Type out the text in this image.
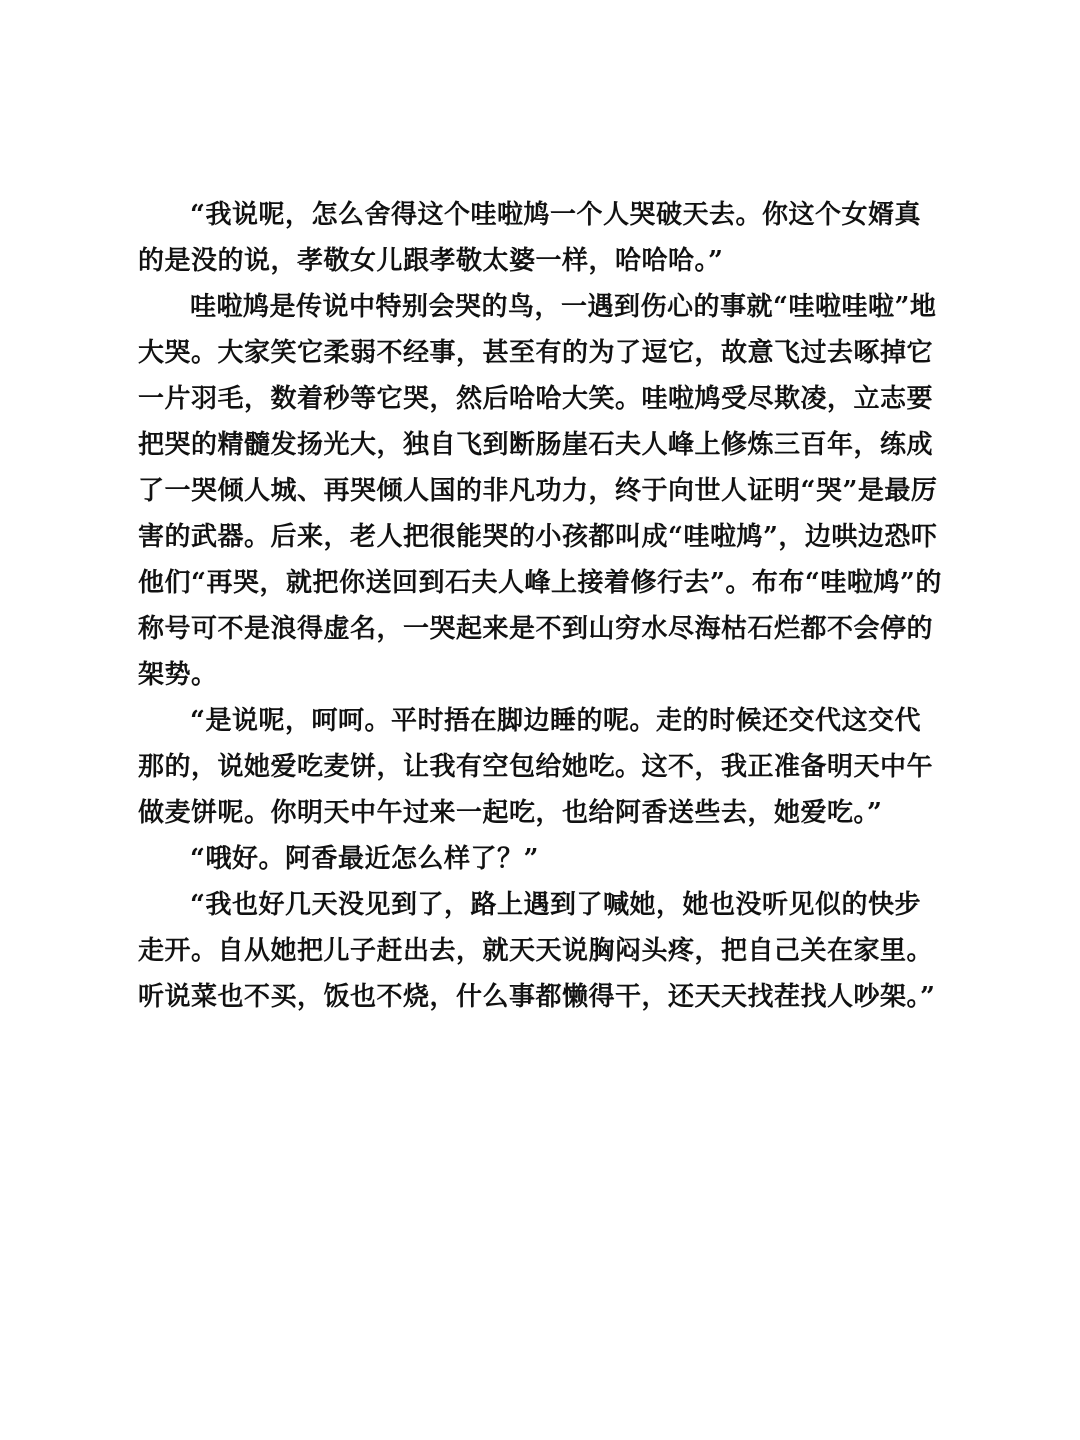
“我说呢，怎么舍得这个哇啦鸠一个人哭破天去。你这个女婿真

的是没的说，孝敬女儿跟孝敬太婆一样，哈哈哈。”

哇啦鸠是传说中特别会哭的鸟，一遇到伤心的事就“哇啦哇啦”地

大哭。大家笑它柔弱不经事，甚至有的为了逗它，故意飞过去啄掉它

一片羽毛，数着秒等它哭，然后哈哈大笑。哇啦鸠受尽欺凌，立志要

把哭的精髓发扬光大，独自飞到断肠崖石夫人峰上修炼三百年，练成

了一哭倾人城、再哭倾人国的非凡功力，终于向世人证明“哭”是最厉

害的武器。后来，老人把很能哭的小孩都叫成“哇啦鸠”，边哄边恐吓

他们“再哭，就把你送回到石夫人峰上接着修行去”。布布“哇啦鸠”的

称号可不是浪得虚名，一哭起来是不到山穷水尽海枯石烂都不会停的

架势。

“是说呢，呵呵。平时捂在脚边睡的呢。走的时候还交代这交代

那的，说她爱吃麦饼，让我有空包给她吃。这不，我正准备明天中午

做麦饼呢。你明天中午过来一起吃，也给阿香送些去，她爱吃。”

“哦好。阿香最近怎么样了？”

“我也好几天没见到了，路上遇到了喊她，她也没听见似的快步

走开。自从她把儿子赶出去，就天天说胸闷头疼，把自己关在家里。

听说菜也不买，饭也不烧，什么事都懒得干，还天天找茬找人吵架。”
